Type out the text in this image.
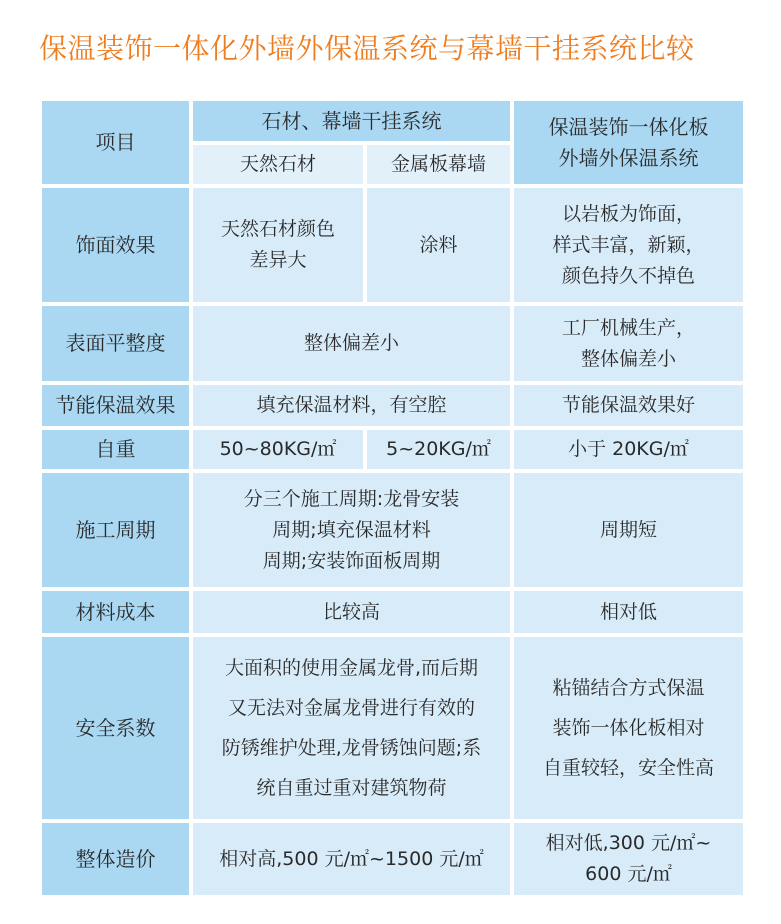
保温装饰一体化外墙外保温系统与幕墙干挂系统比较
项目	石材、幕墙干挂系统		保温装饰一体化板
外墙外保温系统

	天然石材	金属板幕墙	
饰面效果	天然石材颜色
差异大	涂料	以岩板为饰面，
样式丰富，新颖，
颜色持久不掉色

表面平整度	整体偏差小		工厂机械生产，
整体偏差小

节能保温效果	填充保温材料，有空腔		节能保温效果好

自重	50~80KG/㎡	5~20KG/㎡	小于 20KG/㎡

施工周期	分三个施工周期:龙骨安装
周期;填充保温材料
周期;安装饰面板周期		周期短

材料成本	比较高		相对低

安全系数	大面积的使用金属龙骨,而后期
又无法对金属龙骨进行有效的
防锈维护处理,龙骨锈蚀问题;系
统自重过重对建筑物荷		粘锚结合方式保温
装饰一体化板相对
自重较轻，安全性高

整体造价	相对高,500 元/㎡~1500 元/㎡		相对低,300 元/㎡~
600 元/㎡
